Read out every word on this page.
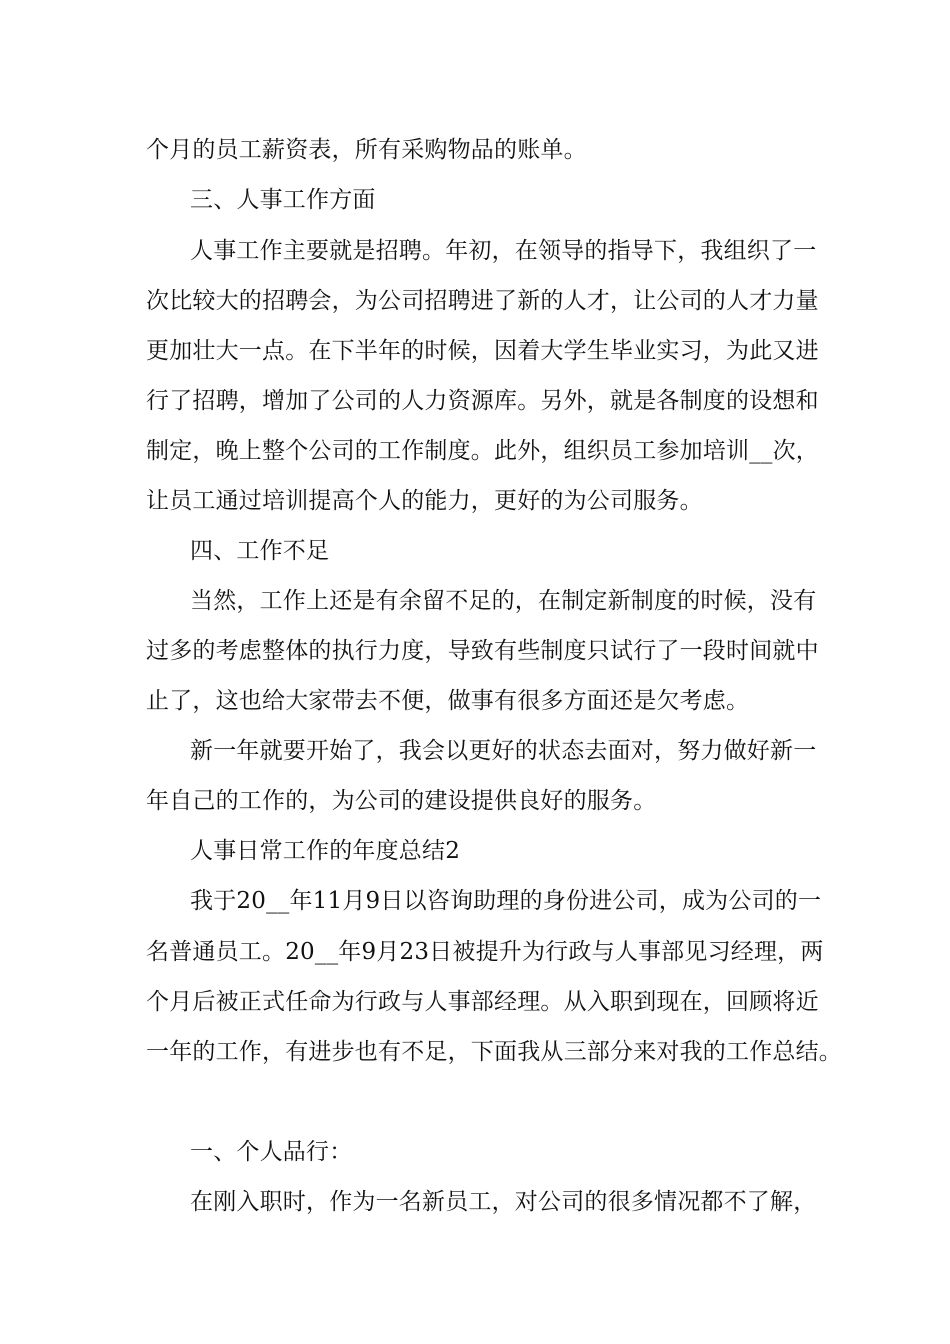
个月的员工薪资表，所有采购物品的账单。
三、人事工作方面
人事工作主要就是招聘。年初，在领导的指导下，我组织了一
次比较大的招聘会，为公司招聘进了新的人才，让公司的人才力量
更加壮大一点。在下半年的时候，因着大学生毕业实习，为此又进
行了招聘，增加了公司的人力资源库。另外，就是各制度的设想和
制定，晚上整个公司的工作制度。此外，组织员工参加培训__次，
让员工通过培训提高个人的能力，更好的为公司服务。
四、工作不足
当然，工作上还是有余留不足的，在制定新制度的时候，没有
过多的考虑整体的执行力度，导致有些制度只试行了一段时间就中
止了，这也给大家带去不便，做事有很多方面还是欠考虑。
新一年就要开始了，我会以更好的状态去面对，努力做好新一
年自己的工作的，为公司的建设提供良好的服务。
人事日常工作的年度总结2
我于20__年11月9日以咨询助理的身份进公司，成为公司的一
名普通员工。20__年9月23日被提升为行政与人事部见习经理，两
个月后被正式任命为行政与人事部经理。从入职到现在，回顾将近
一年的工作，有进步也有不足，下面我从三部分来对我的工作总结。
一、个人品行：
在刚入职时，作为一名新员工，对公司的很多情况都不了解，
